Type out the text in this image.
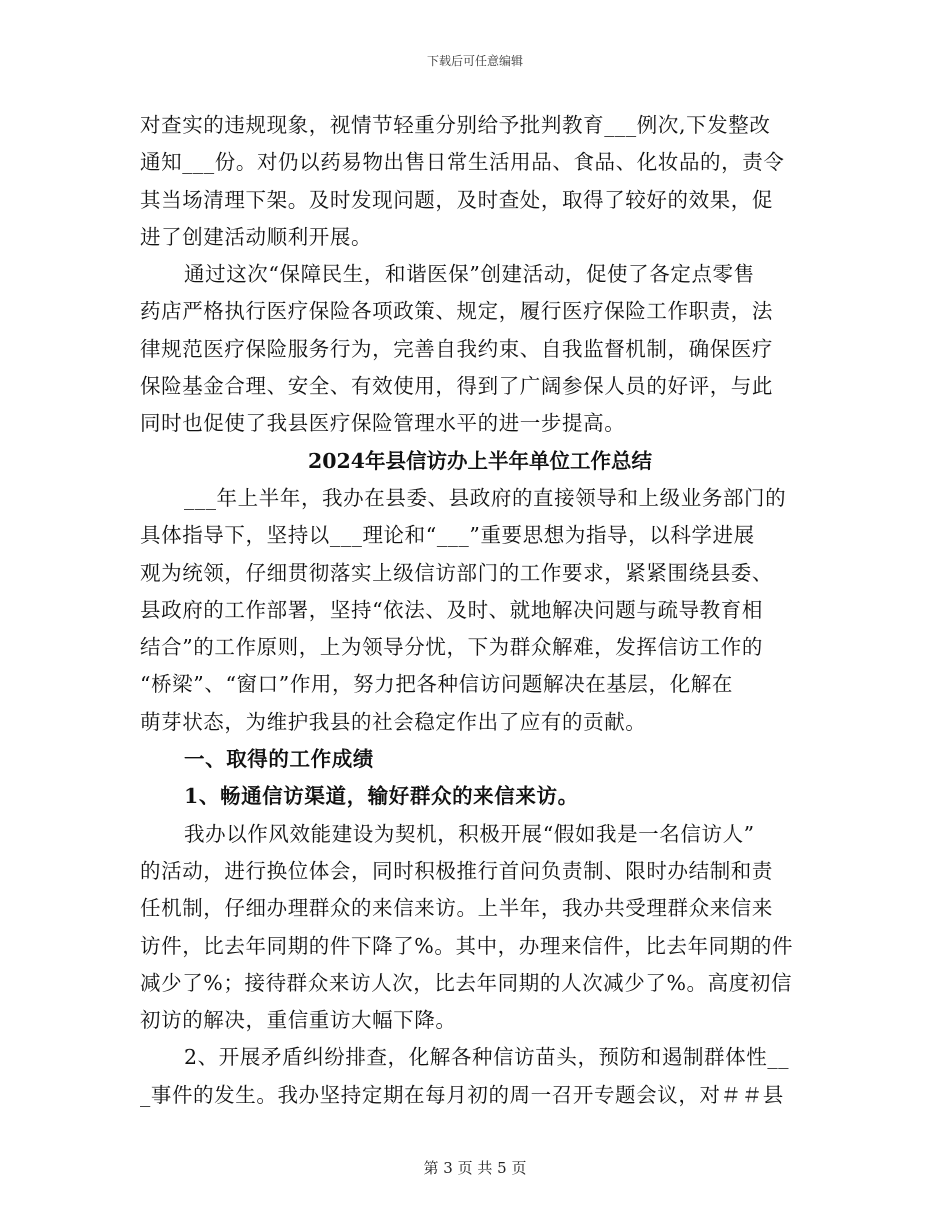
下载后可任意编辑
对查实的违规现象，视情节轻重分别给予批判教育___例次,下发整改
通知___份。对仍以药易物出售日常生活用品、食品、化妆品的，责令
其当场清理下架。及时发现问题，及时查处，取得了较好的效果，促
进了创建活动顺利开展。
通过这次“保障民生，和谐医保”创建活动，促使了各定点零售
药店严格执行医疗保险各项政策、规定，履行医疗保险工作职责，法
律规范医疗保险服务行为，完善自我约束、自我监督机制，确保医疗
保险基金合理、安全、有效使用，得到了广阔参保人员的好评，与此
同时也促使了我县医疗保险管理水平的进一步提高。
2024年县信访办上半年单位工作总结
___年上半年，我办在县委、县政府的直接领导和上级业务部门的
具体指导下，坚持以___理论和“___”重要思想为指导，以科学进展
观为统领，仔细贯彻落实上级信访部门的工作要求，紧紧围绕县委、
县政府的工作部署，坚持“依法、及时、就地解决问题与疏导教育相
结合”的工作原则，上为领导分忧，下为群众解难，发挥信访工作的
“桥梁”、“窗口”作用，努力把各种信访问题解决在基层，化解在
萌芽状态，为维护我县的社会稳定作出了应有的贡献。
一、取得的工作成绩
1、畅通信访渠道，输好群众的来信来访。
我办以作风效能建设为契机，积极开展“假如我是一名信访人”
的活动，进行换位体会，同时积极推行首问负责制、限时办结制和责
任机制，仔细办理群众的来信来访。上半年，我办共受理群众来信来
访件，比去年同期的件下降了%。其中，办理来信件，比去年同期的件
减少了%；接待群众来访人次，比去年同期的人次减少了%。高度初信
初访的解决，重信重访大幅下降。
2、开展矛盾纠纷排查，化解各种信访苗头，预防和遏制群体性__
_事件的发生。我办坚持定期在每月初的周一召开专题会议，对＃＃县
第 3 页 共 5 页
